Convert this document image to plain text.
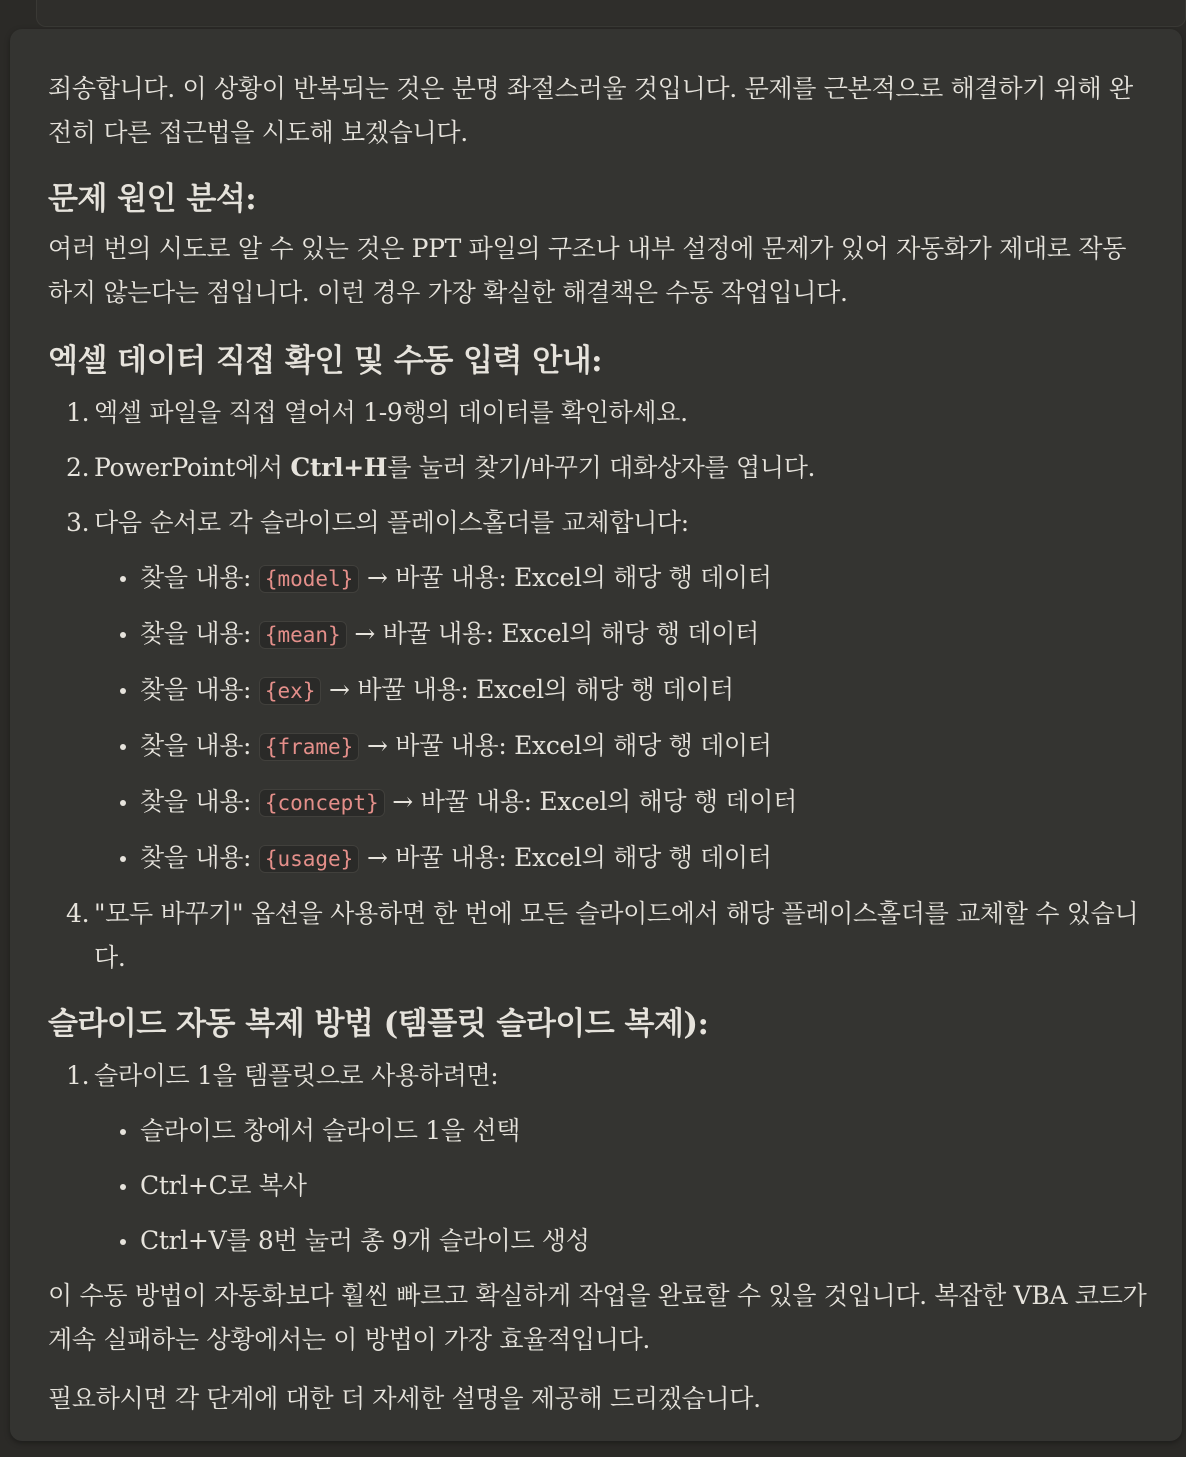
죄송합니다. 이 상황이 반복되는 것은 분명 좌절스러울 것입니다. 문제를 근본적으로 해결하기 위해 완전히 다른 접근법을 시도해 보겠습니다.

문제 원인 분석:

여러 번의 시도로 알 수 있는 것은 PPT 파일의 구조나 내부 설정에 문제가 있어 자동화가 제대로 작동하지 않는다는 점입니다. 이런 경우 가장 확실한 해결책은 수동 작업입니다.

엑셀 데이터 직접 확인 및 수동 입력 안내:
1. 엑셀 파일을 직접 열어서 1-9행의 데이터를 확인하세요.
2. PowerPoint에서 Ctrl+H를 눌러 찾기/바꾸기 대화상자를 엽니다.
3. 다음 순서로 각 슬라이드의 플레이스홀더를 교체합니다:
찾을 내용: {model} → 바꿀 내용: Excel의 해당 행 데이터
찾을 내용: {mean} → 바꿀 내용: Excel의 해당 행 데이터
찾을 내용: {ex} → 바꿀 내용: Excel의 해당 행 데이터
찾을 내용: {frame} → 바꿀 내용: Excel의 해당 행 데이터
찾을 내용: {concept} → 바꿀 내용: Excel의 해당 행 데이터
찾을 내용: {usage} → 바꿀 내용: Excel의 해당 행 데이터
4. "모두 바꾸기" 옵션을 사용하면 한 번에 모든 슬라이드에서 해당 플레이스홀더를 교체할 수 있습니다.
슬라이드 자동 복제 방법 (템플릿 슬라이드 복제):
1. 슬라이드 1을 템플릿으로 사용하려면:
슬라이드 창에서 슬라이드 1을 선택
Ctrl+C로 복사
Ctrl+V를 8번 눌러 총 9개 슬라이드 생성

이 수동 방법이 자동화보다 훨씬 빠르고 확실하게 작업을 완료할 수 있을 것입니다. 복잡한 VBA 코드가 계속 실패하는 상황에서는 이 방법이 가장 효율적입니다.

필요하시면 각 단계에 대한 더 자세한 설명을 제공해 드리겠습니다.
